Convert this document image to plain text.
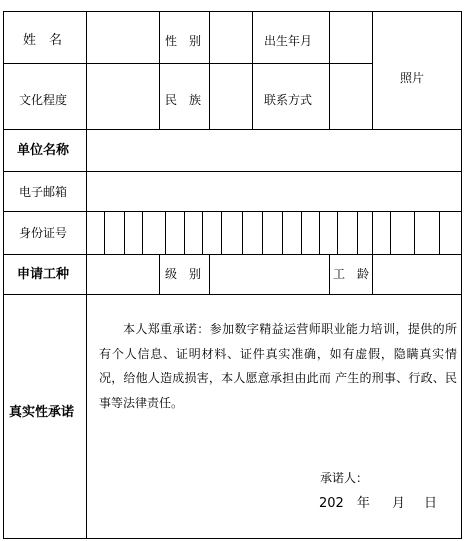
姓　名	性　别	出生年月
照片
文化程度	民　族	联系方式
单位名称
电子邮箱
身份证号
申请工种	级　别	工　龄
真实性承诺

本人郑重承诺：参加数字精益运营师职业能力培训，提供的所有个人信息、证明材料、证件真实准确，如有虚假，隐瞒真实情况，给他人造成损害，本人愿意承担由此而 产生的刑事、行政、民事等法律责任。

承诺人：
202　年 月 日
